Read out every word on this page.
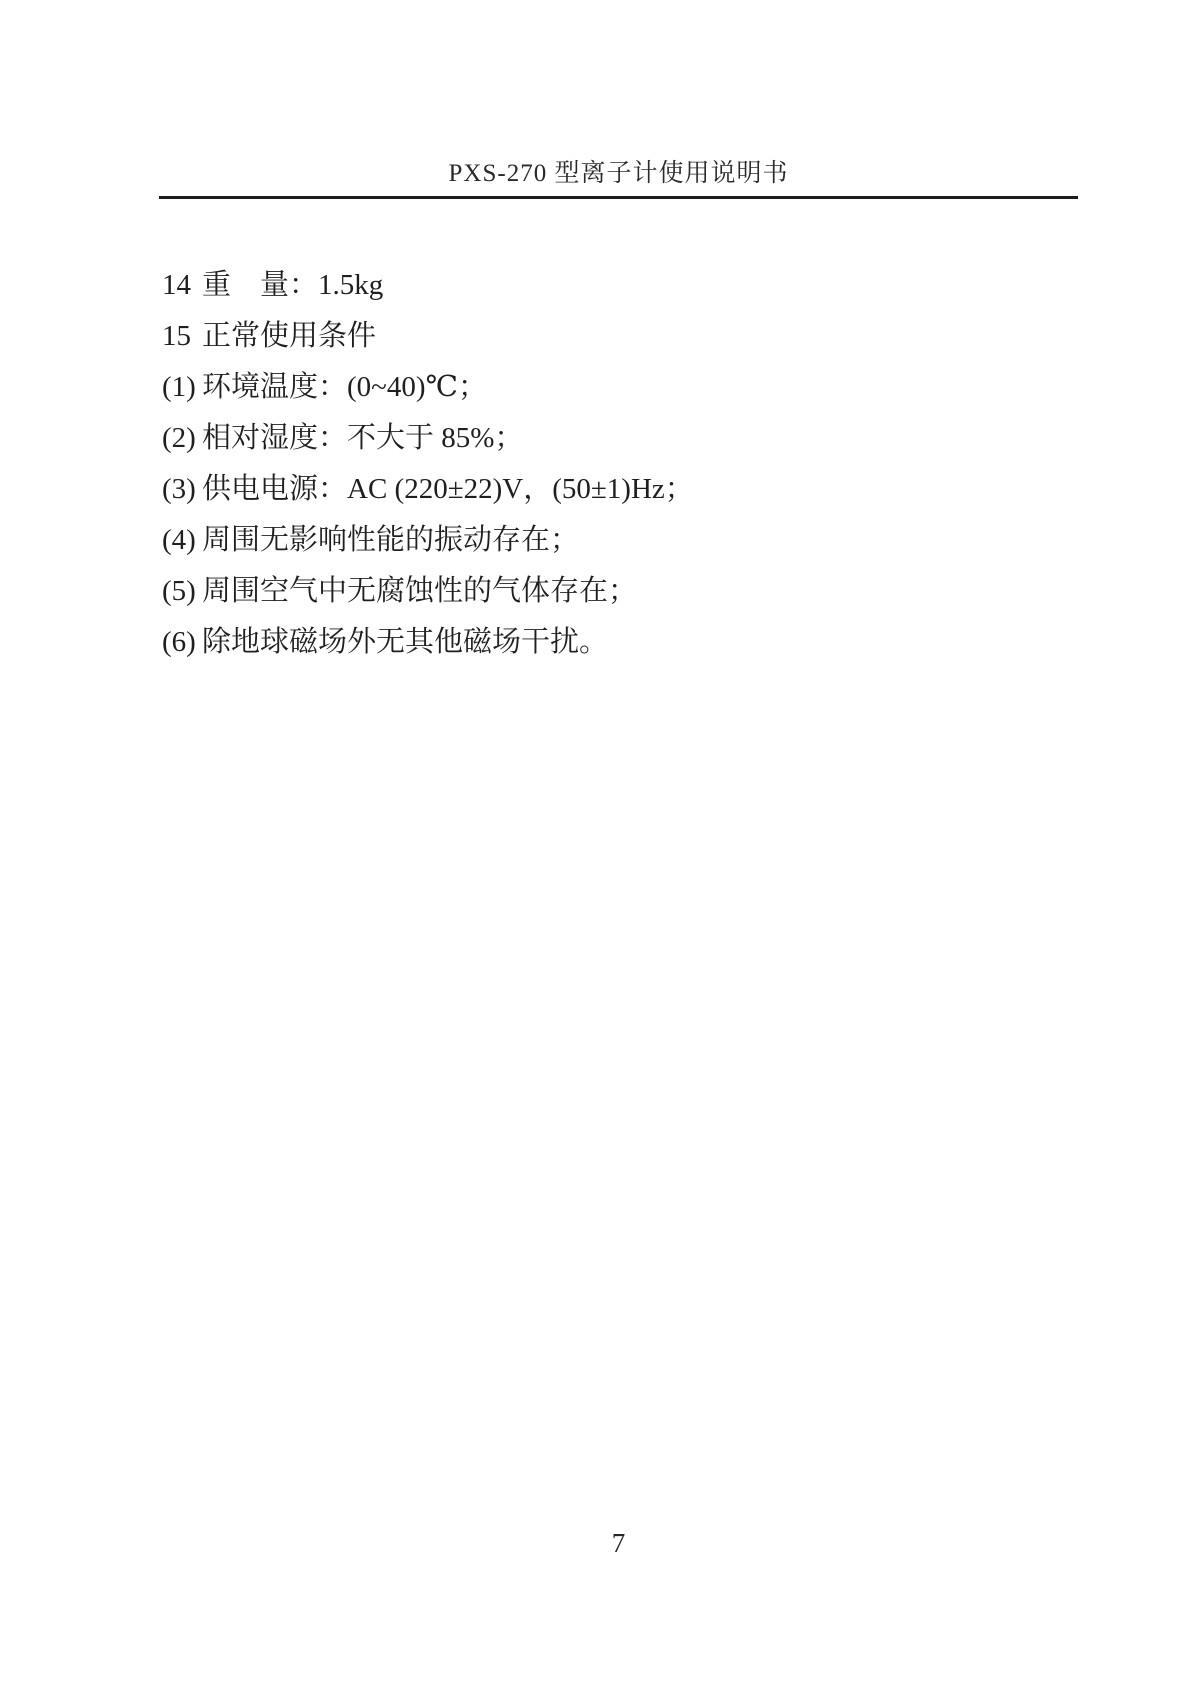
PXS-270 型离子计使用说明书
14 重　量：1.5kg
15 正常使用条件
(1) 环境温度：(0~40)℃；
(2) 相对湿度：不大于 85%；
(3) 供电电源：AC (220±22)V，(50±1)Hz；
(4) 周围无影响性能的振动存在；
(5) 周围空气中无腐蚀性的气体存在；
(6) 除地球磁场外无其他磁场干扰。
7
